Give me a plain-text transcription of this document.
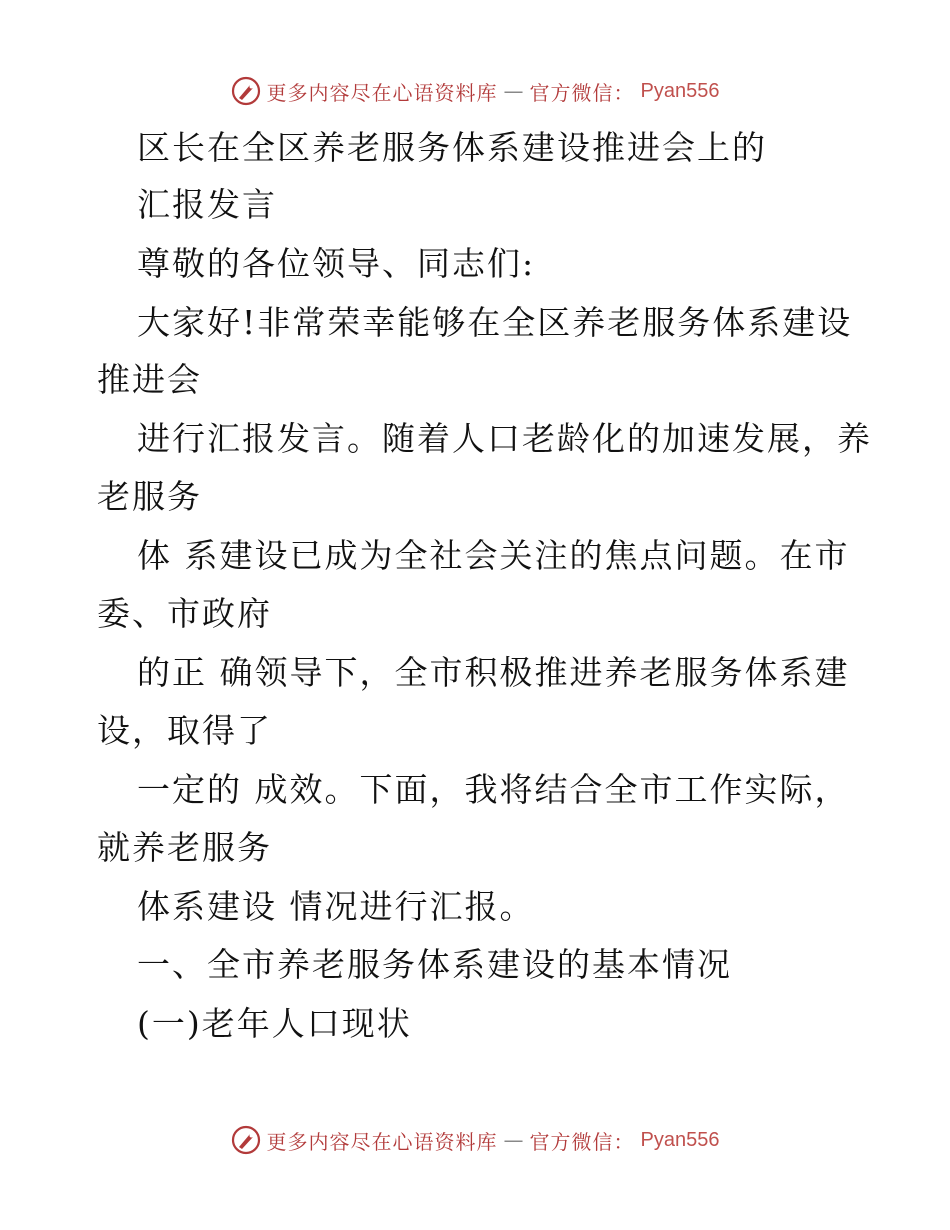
更多内容尽在心语资料库 — 官方微信： Pyan556
区长在全区养老服务体系建设推进会上的
汇报发言
尊敬的各位领导、同志们:
大家好!非常荣幸能够在全区养老服务体系建设
推进会
进行汇报发言。随着人口老龄化的加速发展，养
老服务
体 系建设已成为全社会关注的焦点问题。在市
委、市政府
的正 确领导下，全市积极推进养老服务体系建
设，取得了
一定的 成效。下面，我将结合全市工作实际，
就养老服务
体系建设 情况进行汇报。
一、全市养老服务体系建设的基本情况
(一)老年人口现状
更多内容尽在心语资料库 — 官方微信： Pyan556
